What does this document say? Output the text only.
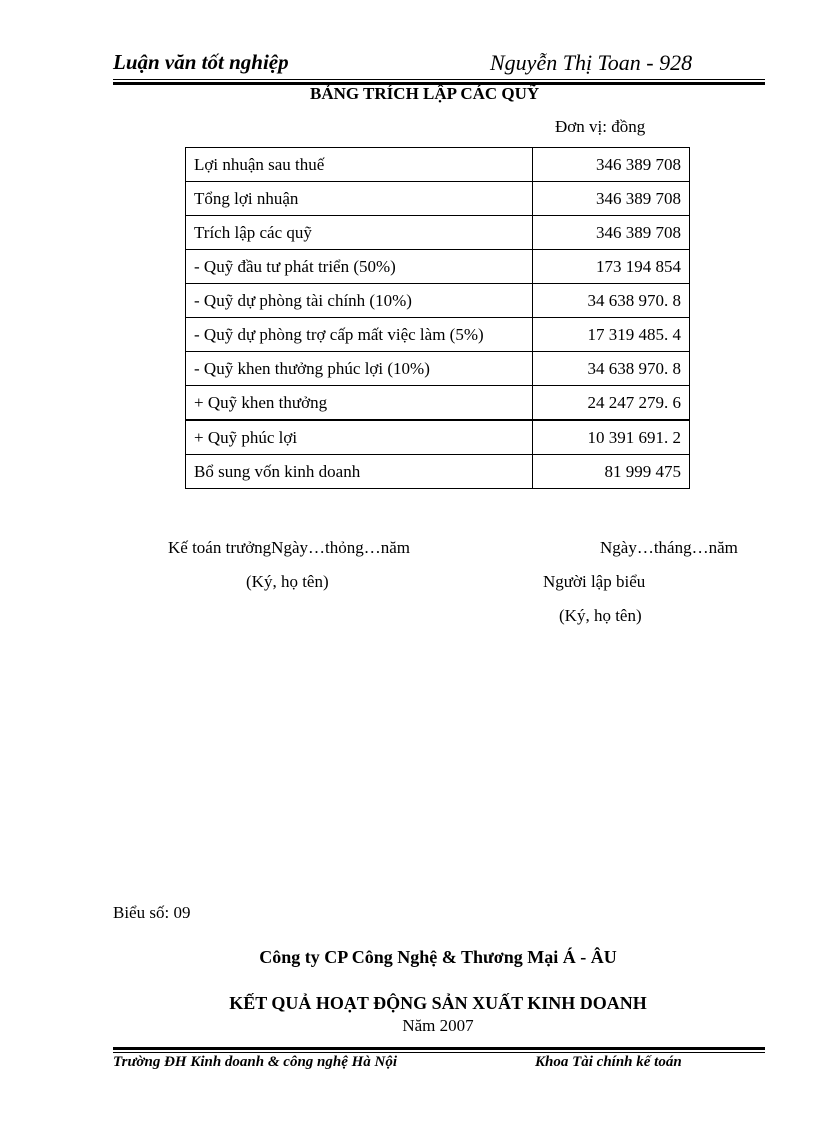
Luận văn tốt nghiệp	Nguyễn Thị Toan - 928
BẢNG TRÍCH LẬP CÁC QUỸ
Đơn vị: đồng
Lợi nhuận sau thuế	346 389 708
Tổng lợi nhuận	346 389 708
Trích lập các quỹ	346 389 708
- Quỹ đầu tư phát triển (50%)	173 194 854
- Quỹ dự phòng tài chính (10%)	34 638 970. 8
- Quỹ dự phòng trợ cấp mất việc làm (5%)	17 319 485. 4
- Quỹ khen thưởng phúc lợi (10%)	34 638 970. 8
+ Quỹ khen thưởng	24 247 279. 6
+ Quỹ phúc lợi	10 391 691. 2
Bổ sung vốn kinh doanh	81 999 475
Kế toán trưởngNgày…thỏng…năm
(Ký, họ tên)
Ngày…tháng…năm
Người lập biểu
(Ký, họ tên)
Biểu số: 09
Công ty CP Công Nghệ & Thương Mại Á - ÂU
KẾT QUẢ HOẠT ĐỘNG SẢN XUẤT KINH DOANH
Năm 2007
Trường ĐH Kinh doanh & công nghệ Hà Nội	Khoa Tài chính kế toán
